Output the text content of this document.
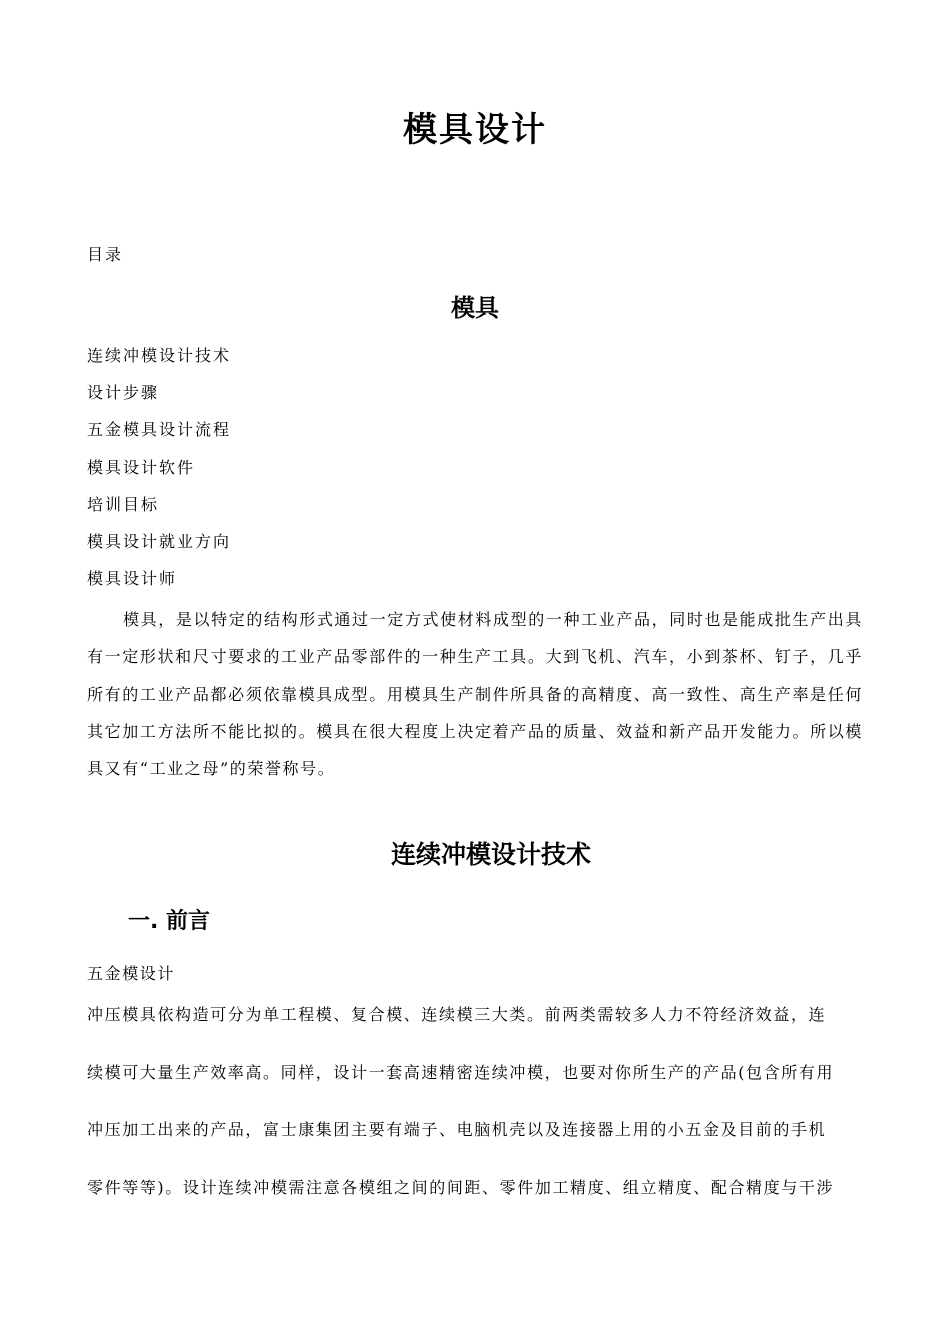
模具设计
目录
模具
连续冲模设计技术
设计步骤
五金模具设计流程
模具设计软件
培训目标
模具设计就业方向
模具设计师
模具，是以特定的结构形式通过一定方式使材料成型的一种工业产品，同时也是能成批生产出具有一定形状和尺寸要求的工业产品零部件的一种生产工具。大到飞机、汽车，小到茶杯、钉子，几乎所有的工业产品都必须依靠模具成型。用模具生产制件所具备的高精度、高一致性、高生产率是任何其它加工方法所不能比拟的。模具在很大程度上决定着产品的质量、效益和新产品开发能力。所以模具又有“工业之母”的荣誉称号。
连续冲模设计技术
一. 前言
五金模设计
冲压模具依构造可分为单工程模、复合模、连续模三大类。前两类需较多人力不符经济效益，连
续模可大量生产效率高。同样，设计一套高速精密连续冲模，也要对你所生产的产品(包含所有用
冲压加工出来的产品，富士康集团主要有端子、电脑机壳以及连接器上用的小五金及目前的手机
零件等等)。设计连续冲模需注意各模组之间的间距、零件加工精度、组立精度、配合精度与干涉
